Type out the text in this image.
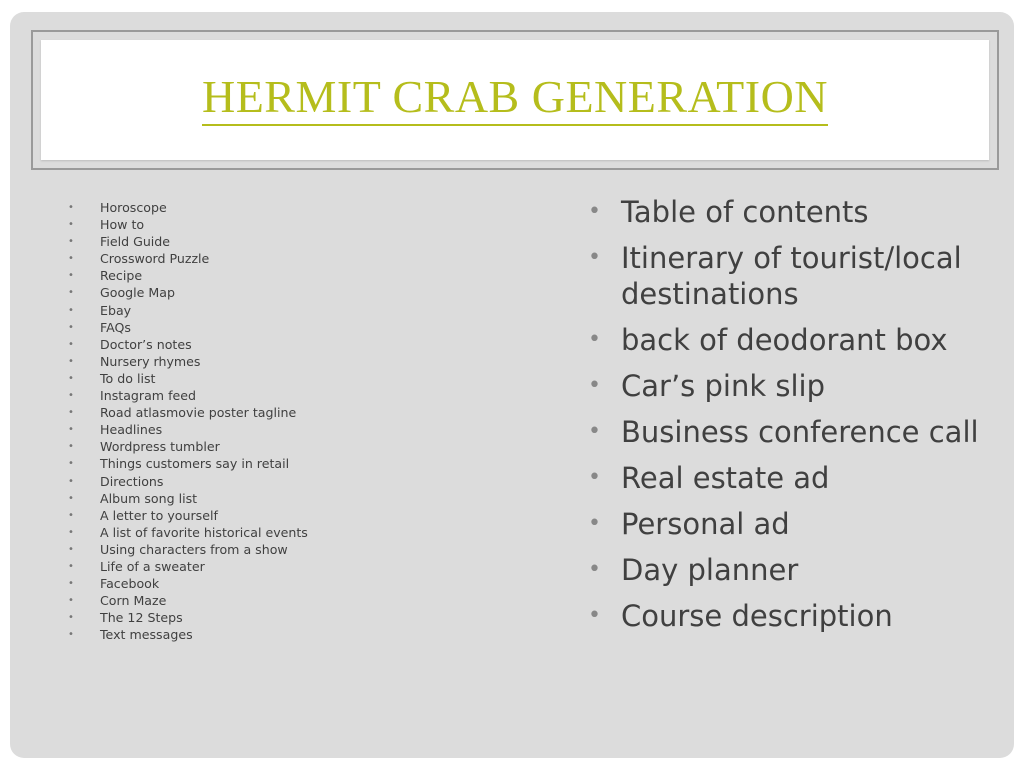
HERMIT CRAB GENERATION
• Horoscope
• How to
• Field Guide
• Crossword Puzzle
• Recipe
• Google Map
• Ebay
• FAQs
• Doctor’s notes
• Nursery rhymes
• To do list
• Instagram feed
• Road atlasmovie poster tagline
• Headlines
• Wordpress tumbler
• Things customers say in retail
• Directions
• Album song list
• A letter to yourself
• A list of favorite historical events
• Using characters from a show
• Life of a sweater
• Facebook
• Corn Maze
• The 12 Steps
• Text messages
• Table of contents
• Itinerary of tourist/local destinations
• back of deodorant box
• Car’s pink slip
• Business conference call
• Real estate ad
• Personal ad
• Day planner
• Course description
